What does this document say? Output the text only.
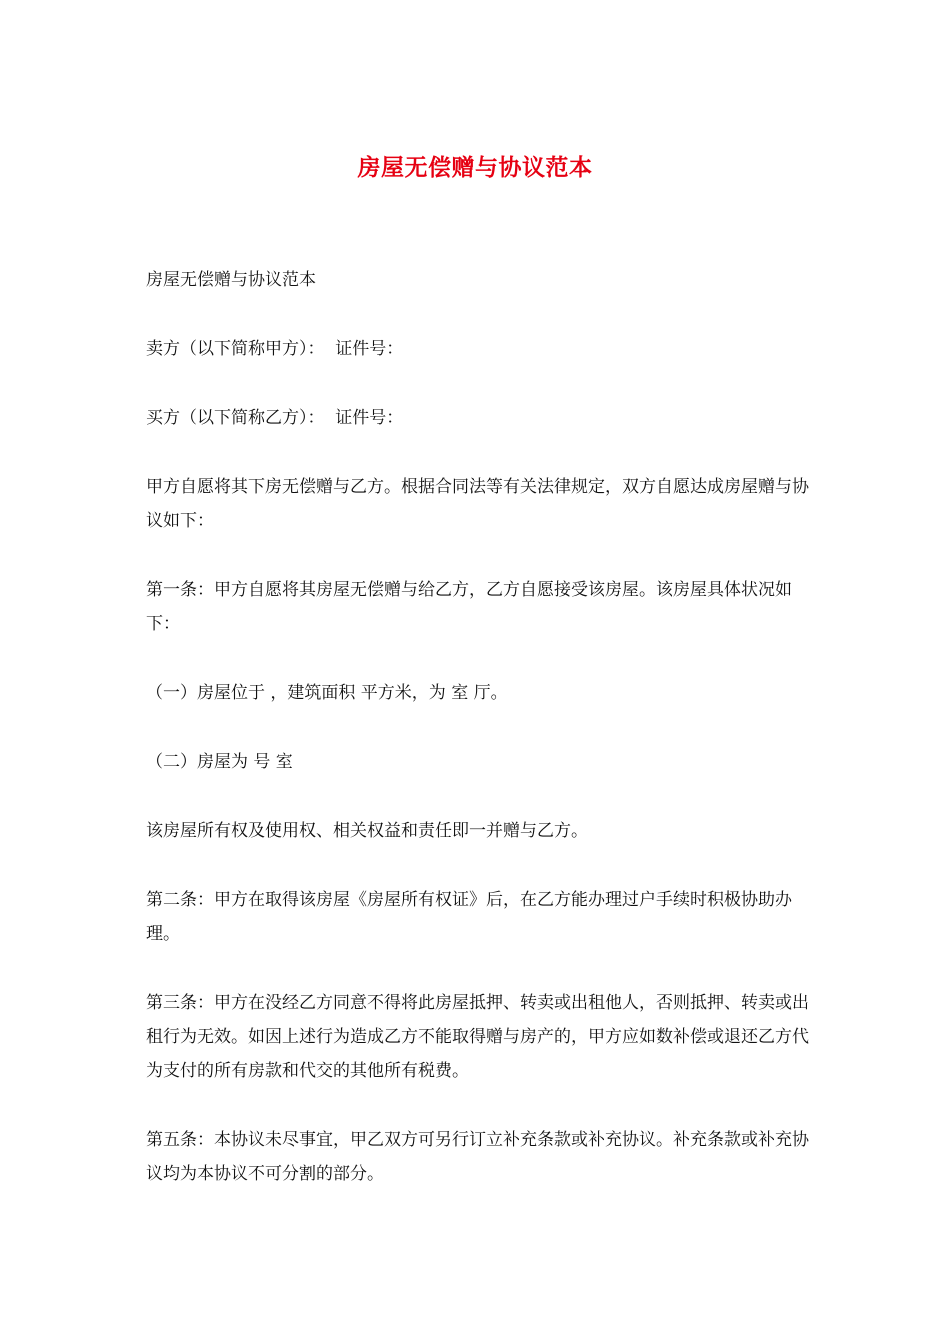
房屋无偿赠与协议范本

房屋无偿赠与协议范本

卖方（以下简称甲方）：  证件号：

买方（以下简称乙方）：  证件号：

甲方自愿将其下房无偿赠与乙方。根据合同法等有关法律规定，双方自愿达成房屋赠与协议如下：

第一条：甲方自愿将其房屋无偿赠与给乙方，乙方自愿接受该房屋。该房屋具体状况如下：

（一）房屋位于 ，建筑面积 平方米，为 室 厅。

（二）房屋为 号 室

该房屋所有权及使用权、相关权益和责任即一并赠与乙方。

第二条：甲方在取得该房屋《房屋所有权证》后，在乙方能办理过户手续时积极协助办理。

第三条：甲方在没经乙方同意不得将此房屋抵押、转卖或出租他人，否则抵押、转卖或出租行为无效。如因上述行为造成乙方不能取得赠与房产的，甲方应如数补偿或退还乙方代为支付的所有房款和代交的其他所有税费。

第五条：本协议未尽事宜，甲乙双方可另行订立补充条款或补充协议。补充条款或补充协议均为本协议不可分割的部分。
